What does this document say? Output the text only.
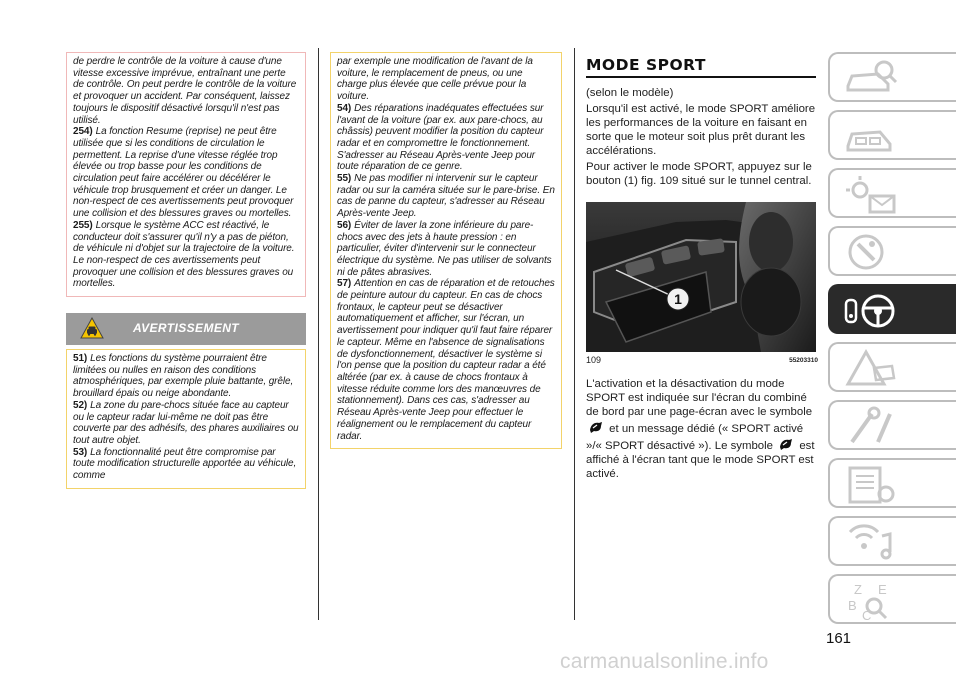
de perdre le contrôle de la voiture à cause d'une vitesse excessive imprévue, entraînant une perte de contrôle. On peut perdre le contrôle de la voiture et provoquer un accident. Par conséquent, laissez toujours le dispositif désactivé lorsqu'il n'est pas utilisé.
254) La fonction Resume (reprise) ne peut être utilisée que si les conditions de circulation le permettent. La reprise d'une vitesse réglée trop élevée ou trop basse pour les conditions de circulation peut faire accélérer ou décélérer le véhicule trop brusquement et créer un danger. Le non-respect de ces avertissements peut provoquer une collision et des blessures graves ou mortelles.
255) Lorsque le système ACC est réactivé, le conducteur doit s'assurer qu'il n'y a pas de piéton, de véhicule ni d'objet sur la trajectoire de la voiture. Le non-respect de ces avertissements peut provoquer une collision et des blessures graves ou mortelles.
AVERTISSEMENT
51) Les fonctions du système pourraient être limitées ou nulles en raison des conditions atmosphériques, par exemple pluie battante, grêle, brouillard épais ou neige abondante.
52) La zone du pare-chocs située face au capteur ou le capteur radar lui-même ne doit pas être couverte par des adhésifs, des phares auxiliaires ou tout autre objet.
53) La fonctionnalité peut être compromise par toute modification structurelle apportée au véhicule, comme
par exemple une modification de l'avant de la voiture, le remplacement de pneus, ou une charge plus élevée que celle prévue pour la voiture.
54) Des réparations inadéquates effectuées sur l'avant de la voiture (par ex. aux pare-chocs, au châssis) peuvent modifier la position du capteur radar et en compromettre le fonctionnement. S'adresser au Réseau Après-vente Jeep pour toute réparation de ce genre.
55) Ne pas modifier ni intervenir sur le capteur radar ou sur la caméra située sur le pare-brise. En cas de panne du capteur, s'adresser au Réseau Après-vente Jeep.
56) Éviter de laver la zone inférieure du pare-chocs avec des jets à haute pression : en particulier, éviter d'intervenir sur le connecteur électrique du système. Ne pas utiliser de solvants ni de pâtes abrasives.
57) Attention en cas de réparation et de retouches de peinture autour du capteur. En cas de chocs frontaux, le capteur peut se désactiver automatiquement et afficher, sur l'écran, un avertissement pour indiquer qu'il faut faire réparer le capteur. Même en l'absence de signalisations de dysfonctionnement, désactiver le système si l'on pense que la position du capteur radar a été altérée (par ex. à cause de chocs frontaux à vitesse réduite comme lors des manœuvres de stationnement). Dans ces cas, s'adresser au Réseau Après-vente Jeep pour effectuer le réalignement ou le remplacement du capteur radar.
MODE SPORT

(selon le modèle)

Lorsqu'il est activé, le mode SPORT améliore les performances de la voiture en faisant en sorte que le moteur soit plus prêt durant les accélérations.

Pour activer le mode SPORT, appuyez sur le bouton (1) fig. 109 situé sur le tunnel central.

1
109	55203310

L'activation et la désactivation du mode SPORT est indiquée sur l'écran du combiné de bord par une page-écran avec le symbole  et un message dédié (« SPORT activé »/« SPORT désactivé »). Le symbole est affiché à l'écran tant que le mode SPORT est activé.

Z E
B
C
161
carmanualsonline.info
